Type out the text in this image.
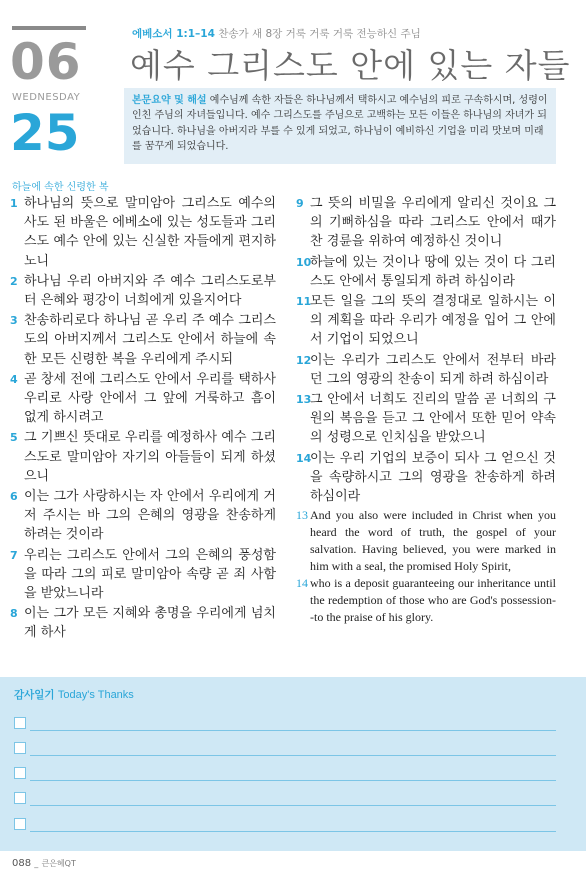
06
WEDNESDAY
25
에베소서 1:1–14 찬송가 새 8장 거룩 거룩 거룩 전능하신 주님
예수 그리스도 안에 있는 자들
본문요약 및 해설 예수님께 속한 자들은 하나님께서 택하시고 예수님의 피로 구속하시며, 성령이 인친 주님의 자녀들입니다. 예수 그리스도를 주님으로 고백하는 모든 이들은 하나님의 자녀가 되었습니다. 하나님을 아버지라 부를 수 있게 되었고, 하나님이 예비하신 기업을 미리 맛보며 미래를 꿈꾸게 되었습니다.
하늘에 속한 신령한 복
1 하나님의 뜻으로 말미암아 그리스도 예수의 사도 된 바울은 에베소에 있는 성도들과 그리스도 예수 안에 있는 신실한 자들에게 편지하노니
2 하나님 우리 아버지와 주 예수 그리스도로부터 은혜와 평강이 너희에게 있을지어다
3 찬송하리로다 하나님 곧 우리 주 예수 그리스도의 아버지께서 그리스도 안에서 하늘에 속한 모든 신령한 복을 우리에게 주시되
4 곧 창세 전에 그리스도 안에서 우리를 택하사 우리로 사랑 안에서 그 앞에 거룩하고 흠이 없게 하시려고
5 그 기쁘신 뜻대로 우리를 예정하사 예수 그리스도로 말미암아 자기의 아들들이 되게 하셨으니
6 이는 그가 사랑하시는 자 안에서 우리에게 거저 주시는 바 그의 은혜의 영광을 찬송하게 하려는 것이라
7 우리는 그리스도 안에서 그의 은혜의 풍성함을 따라 그의 피로 말미암아 속량 곧 죄 사함을 받았느니라
8 이는 그가 모든 지혜와 총명을 우리에게 넘치게 하사
9 그 뜻의 비밀을 우리에게 알리신 것이요 그의 기뻐하심을 따라 그리스도 안에서 때가 찬 경륜을 위하여 예정하신 것이니
10
하늘에 있는 것이나 땅에 있는 것이 다 그리스도 안에서 통일되게 하려 하심이라
11
모든 일을 그의 뜻의 결정대로 일하시는 이의 계획을 따라 우리가 예정을 입어 그 안에서 기업이 되었으니
12
이는 우리가 그리스도 안에서 전부터 바라던 그의 영광의 찬송이 되게 하려 하심이라
13
그 안에서 너희도 진리의 말씀 곧 너희의 구원의 복음을 듣고 그 안에서 또한 믿어 약속의 성령으로 인치심을 받았으니
14
이는 우리 기업의 보증이 되사 그 얻으신 것을 속량하시고 그의 영광을 찬송하게 하려 하심이라
13 And you also were included in Christ when you heard the word of truth, the gospel of your salvation. Having believed, you were marked in him with a seal, the promised Holy Spirit,
14 who is a deposit guaranteeing our inheritance until the redemption of those who are God's possession--to the praise of his glory.
감사일기 Today's Thanks
088 _ 큰은혜QT
